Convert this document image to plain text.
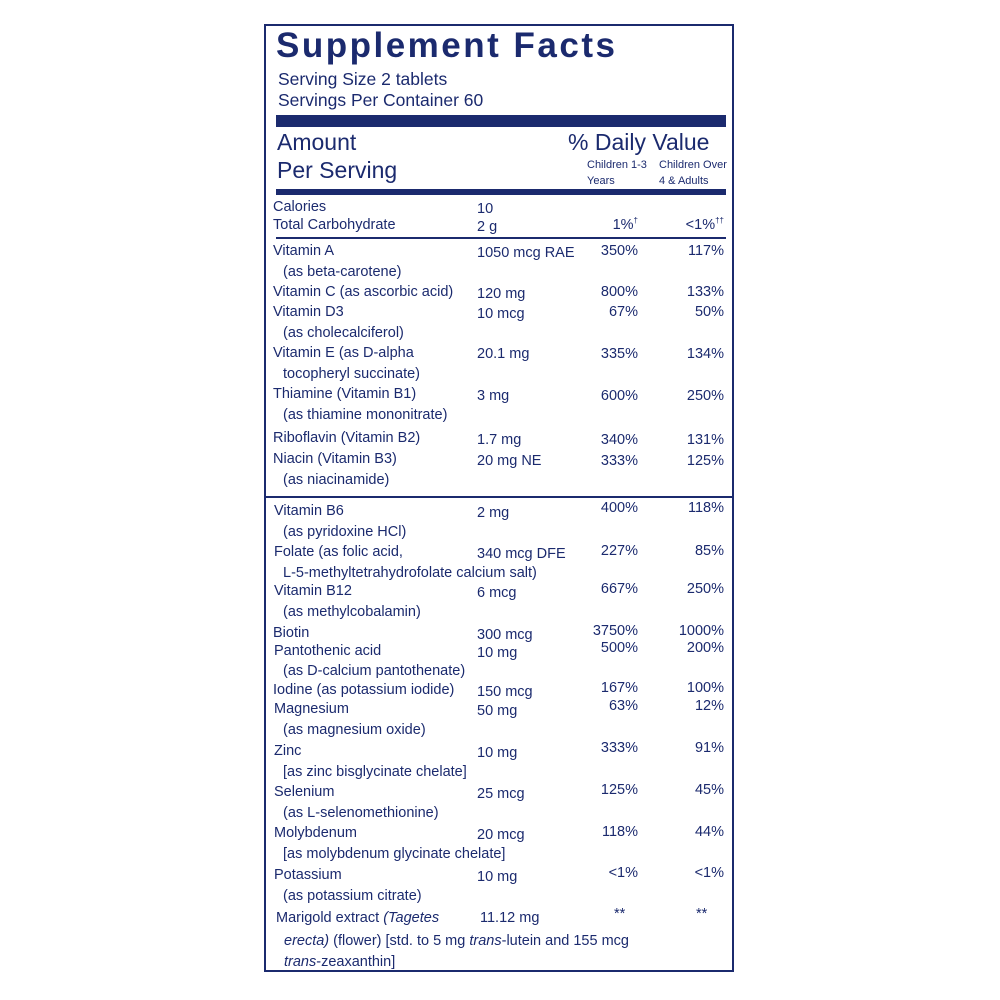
Supplement Facts
Serving Size 2 tablets
Servings Per Container 60
Amount
Per Serving
% Daily Value
Children 1-3
Years
Children Over
4 & Adults
Calories	10
Total Carbohydrate	2 g	1%†	<1%††
Vitamin A
(as beta-carotene)
1050 mcg RAE	350%	117%
Vitamin C (as ascorbic acid) 120 mg	800%	133%
Vitamin D3
(as cholecalciferol)
10 mcg	67%	50%
Vitamin E (as D-alpha
tocopheryl succinate)
20.1 mg	335%	134%
Thiamine (Vitamin B1)
(as thiamine mononitrate)
3 mg	600%	250%
Riboflavin (Vitamin B2)	1.7 mg	340%	131%
Niacin (Vitamin B3)
(as niacinamide)
20 mg NE	333%	125%
Vitamin B6
(as pyridoxine HCl)
2 mg	400%	118%
Folate (as folic acid,
L-5-methyltetrahydrofolate calcium salt)
340 mcg DFE	227%	85%
Vitamin B12
(as methylcobalamin)
6 mcg	667%	250%
Biotin	300 mcg	3750%	1000%
Pantothenic acid
(as D-calcium pantothenate)
10 mg	500%	200%
Iodine (as potassium iodide) 150 mcg	167%	100%
Magnesium
(as magnesium oxide)
50 mg	63%	12%
Zinc
[as zinc bisglycinate chelate]
10 mg	333%	91%
Selenium
(as L-selenomethionine)
25 mcg	125%	45%
Molybdenum
[as molybdenum glycinate chelate]
20 mcg	118%	44%
Potassium
(as potassium citrate)
10 mg	<1%	<1%
Marigold extract (Tagetes	11.12 mg	**	**
erecta) (flower) [std. to 5 mg trans-lutein and 155 mcg
trans-zeaxanthin]
